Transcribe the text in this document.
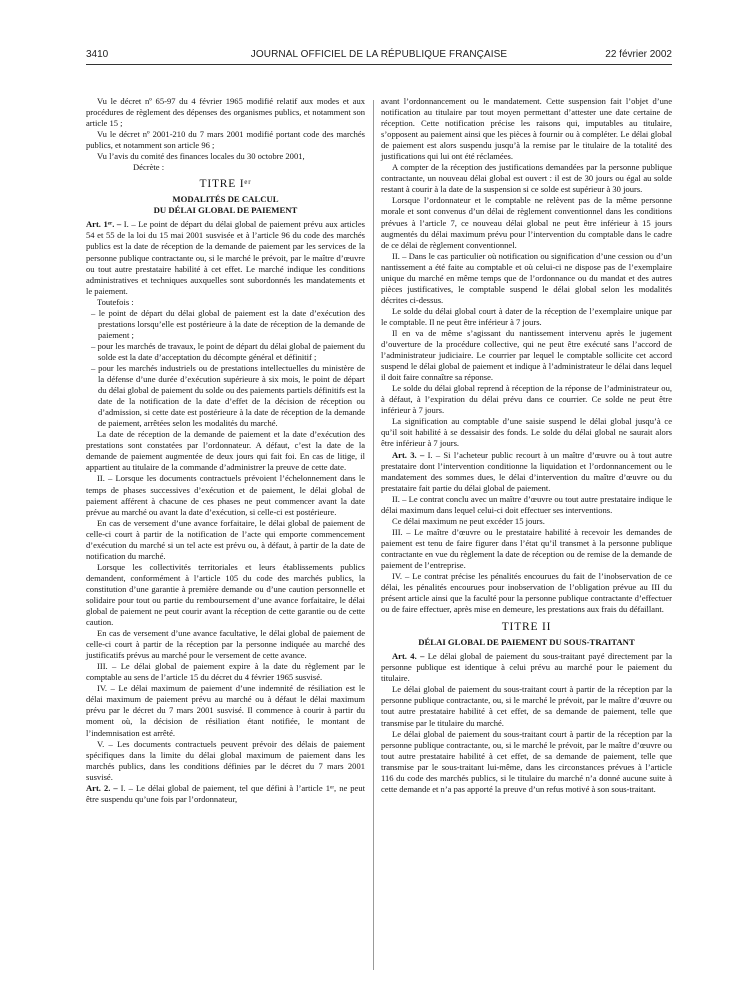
3410	JOURNAL OFFICIEL DE LA RÉPUBLIQUE FRANÇAISE	22 février 2002

Vu le décret nº 65-97 du 4 février 1965 modifié relatif aux modes et aux procédures de règlement des dépenses des organismes publics, et notamment son article 15 ;

Vu le décret nº 2001-210 du 7 mars 2001 modifié portant code des marchés publics, et notamment son article 96 ;

Vu l’avis du comité des finances locales du 30 octobre 2001,

Décrète :

TITRE Iᵉʳ
MODALITÉS DE CALCUL
DU DÉLAI GLOBAL DE PAIEMENT

Art. 1ᵉʳ. – I. – Le point de départ du délai global de paiement prévu aux articles 54 et 55 de la loi du 15 mai 2001 susvisée et à l’article 96 du code des marchés publics est la date de réception de la demande de paiement par les services de la personne publique contractante ou, si le marché le prévoit, par le maître d’œuvre ou tout autre prestataire habilité à cet effet. Le marché indique les conditions administratives et techniques auxquelles sont subordonnés les mandatements et le paiement.

Toutefois :

– le point de départ du délai global de paiement est la date d’exécution des prestations lorsqu’elle est postérieure à la date de réception de la demande de paiement ;
– pour les marchés de travaux, le point de départ du délai global de paiement du solde est la date d’acceptation du décompte général et définitif ;
– pour les marchés industriels ou de prestations intellectuelles du ministère de la défense d’une durée d’exécution supérieure à six mois, le point de départ du délai global de paiement du solde ou des paiements partiels définitifs est la date de la notification de la date d’effet de la décision de réception ou d’admission, si cette date est postérieure à la date de réception de la demande de paiement, arrêtées selon les modalités du marché.

La date de réception de la demande de paiement et la date d’exécution des prestations sont constatées par l’ordonnateur. A défaut, c’est la date de la demande de paiement augmentée de deux jours qui fait foi. En cas de litige, il appartient au titulaire de la commande d’administrer la preuve de cette date.

II. – Lorsque les documents contractuels prévoient l’échelonnement dans le temps de phases successives d’exécution et de paiement, le délai global de paiement afférent à chacune de ces phases ne peut commencer avant la date prévue au marché ou avant la date d’exécution, si celle-ci est postérieure.

En cas de versement d’une avance forfaitaire, le délai global de paiement de celle-ci court à partir de la notification de l’acte qui emporte commencement d’exécution du marché si un tel acte est prévu ou, à défaut, à partir de la date de notification du marché.

Lorsque les collectivités territoriales et leurs établissements publics demandent, conformément à l’article 105 du code des marchés publics, la constitution d’une garantie à première demande ou d’une caution personnelle et solidaire pour tout ou partie du remboursement d’une avance forfaitaire, le délai global de paiement ne peut courir avant la réception de cette garantie ou de cette caution.

En cas de versement d’une avance facultative, le délai global de paiement de celle-ci court à partir de la réception par la personne indiquée au marché des justificatifs prévus au marché pour le versement de cette avance.

III. – Le délai global de paiement expire à la date du règlement par le comptable au sens de l’article 15 du décret du 4 février 1965 susvisé.

IV. – Le délai maximum de paiement d’une indemnité de résiliation est le délai maximum de paiement prévu au marché ou à défaut le délai maximum prévu par le décret du 7 mars 2001 susvisé. Il commence à courir à partir du moment où, la décision de résiliation étant notifiée, le montant de l’indemnisation est arrêté.

V. – Les documents contractuels peuvent prévoir des délais de paiement spécifiques dans la limite du délai global maximum de paiement dans les marchés publics, dans les conditions définies par le décret du 7 mars 2001 susvisé.

Art. 2. – I. – Le délai global de paiement, tel que défini à l’article 1ᵉʳ, ne peut être suspendu qu’une fois par l’ordonnateur,

avant l’ordonnancement ou le mandatement. Cette suspension fait l’objet d’une notification au titulaire par tout moyen permettant d’attester une date certaine de réception. Cette notification précise les raisons qui, imputables au titulaire, s’opposent au paiement ainsi que les pièces à fournir ou à compléter. Le délai global de paiement est alors suspendu jusqu’à la remise par le titulaire de la totalité des justifications qui lui ont été réclamées.

A compter de la réception des justifications demandées par la personne publique contractante, un nouveau délai global est ouvert : il est de 30 jours ou égal au solde restant à courir à la date de la suspension si ce solde est supérieur à 30 jours.

Lorsque l’ordonnateur et le comptable ne relèvent pas de la même personne morale et sont convenus d’un délai de règlement conventionnel dans les conditions prévues à l’article 7, ce nouveau délai global ne peut être inférieur à 15 jours augmentés du délai maximum prévu pour l’intervention du comptable dans le cadre de ce délai de règlement conventionnel.

II. – Dans le cas particulier où notification ou signification d’une cession ou d’un nantissement a été faite au comptable et où celui-ci ne dispose pas de l’exemplaire unique du marché en même temps que de l’ordonnance ou du mandat et des autres pièces justificatives, le comptable suspend le délai global selon les modalités décrites ci-dessus.

Le solde du délai global court à dater de la réception de l’exemplaire unique par le comptable. Il ne peut être inférieur à 7 jours.

Il en va de même s’agissant du nantissement intervenu après le jugement d’ouverture de la procédure collective, qui ne peut être exécuté sans l’accord de l’administrateur judiciaire. Le courrier par lequel le comptable sollicite cet accord suspend le délai global de paiement et indique à l’administrateur le délai dans lequel il doit faire connaître sa réponse.

Le solde du délai global reprend à réception de la réponse de l’administrateur ou, à défaut, à l’expiration du délai prévu dans ce courrier. Ce solde ne peut être inférieur à 7 jours.

La signification au comptable d’une saisie suspend le délai global jusqu’à ce qu’il soit habilité à se dessaisir des fonds. Le solde du délai global ne saurait alors être inférieur à 7 jours.

Art. 3. – I. – Si l’acheteur public recourt à un maître d’œuvre ou à tout autre prestataire dont l’intervention conditionne la liquidation et l’ordonnancement ou le mandatement des sommes dues, le délai d’intervention du maître d’œuvre ou du prestataire fait partie du délai global de paiement.

II. – Le contrat conclu avec un maître d’œuvre ou tout autre prestataire indique le délai maximum dans lequel celui-ci doit effectuer ses interventions.

Ce délai maximum ne peut excéder 15 jours.

III. – Le maître d’œuvre ou le prestataire habilité à recevoir les demandes de paiement est tenu de faire figurer dans l’état qu’il transmet à la personne publique contractante en vue du règlement la date de réception ou de remise de la demande de paiement de l’entreprise.

IV. – Le contrat précise les pénalités encourues du fait de l’inobservation de ce délai, les pénalités encourues pour inobservation de l’obligation prévue au III du présent article ainsi que la faculté pour la personne publique contractante d’effectuer ou de faire effectuer, après mise en demeure, les prestations aux frais du défaillant.

TITRE II
DÉLAI GLOBAL DE PAIEMENT DU SOUS-TRAITANT

Art. 4. – Le délai global de paiement du sous-traitant payé directement par la personne publique est identique à celui prévu au marché pour le paiement du titulaire.

Le délai global de paiement du sous-traitant court à partir de la réception par la personne publique contractante, ou, si le marché le prévoit, par le maître d’œuvre ou tout autre prestataire habilité à cet effet, de sa demande de paiement, telle que transmise par le titulaire du marché.

Le délai global de paiement du sous-traitant court à partir de la réception par la personne publique contractante, ou, si le marché le prévoit, par le maître d’œuvre ou tout autre prestataire habilité à cet effet, de sa demande de paiement, telle que transmise par le sous-traitant lui-même, dans les circonstances prévues à l’article 116 du code des marchés publics, si le titulaire du marché n’a donné aucune suite à cette demande et n’a pas apporté la preuve d’un refus motivé à son sous-traitant.
